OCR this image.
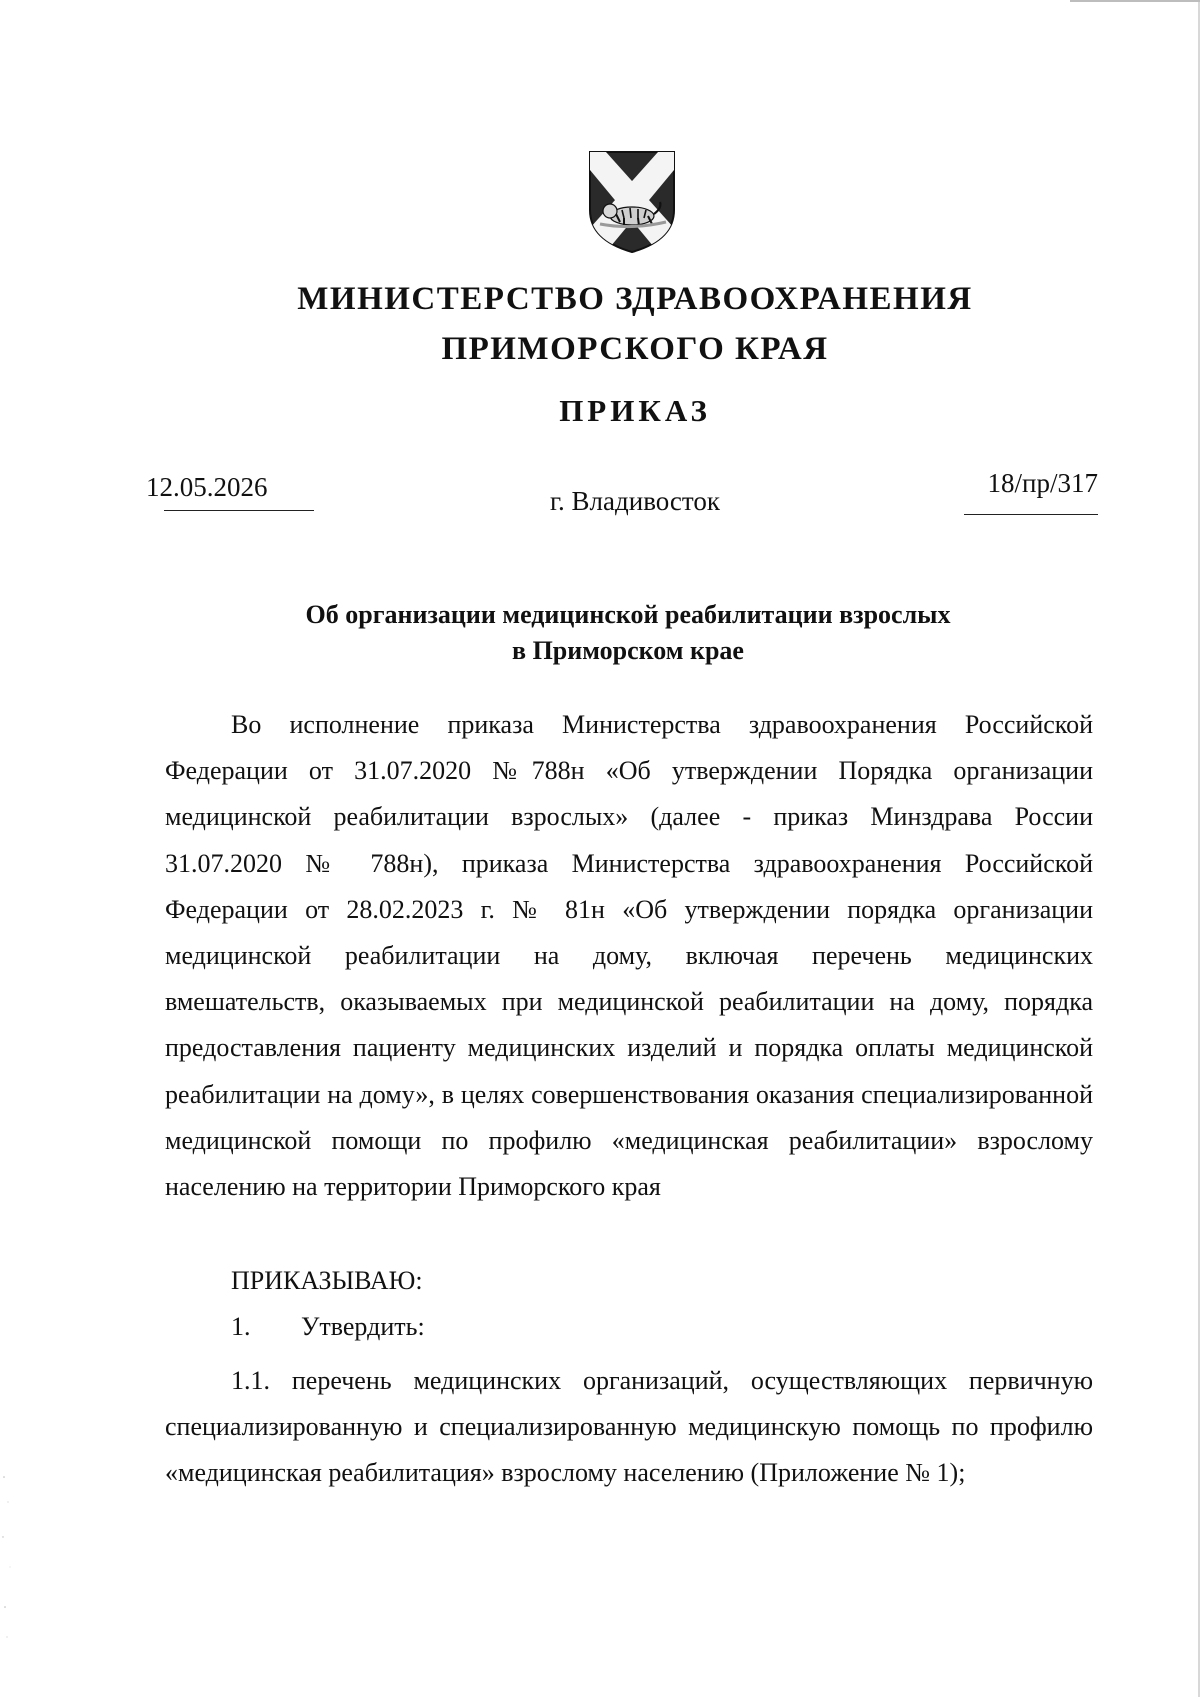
МИНИСТЕРСТВО ЗДРАВООХРАНЕНИЯ
ПРИМОРСКОГО КРАЯ
ПРИКАЗ
12.05.2026	г. Владивосток
18/пр/317
Об организации медицинской реабилитации взрослых
в Приморском крае

Во исполнение приказа Министерства здравоохранения Российской Федерации от 31.07.2020 №788н «Об утверждении Порядка организации медицинской реабилитации взрослых» (далее - приказ Минздрава России 31.07.2020 № 788н), приказа Министерства здравоохранения Российской Федерации от 28.02.2023 г. № 81н «Об утверждении порядка организации медицинской реабилитации на дому, включая перечень медицинских вмешательств, оказываемых при медицинской реабилитации на дому, порядка предоставления пациенту медицинских изделий и порядка оплаты медицинской реабилитации на дому», в целях совершенствования оказания специализированной медицинской помощи по профилю «медицинская реабилитации» взрослому населению на территории Приморского края

ПРИКАЗЫВАЮ:
1. Утвердить:

1.1. перечень медицинских организаций, осуществляющих первичную специализированную и специализированную медицинскую помощь по профилю «медицинская реабилитация» взрослому населению (Приложение № 1);
